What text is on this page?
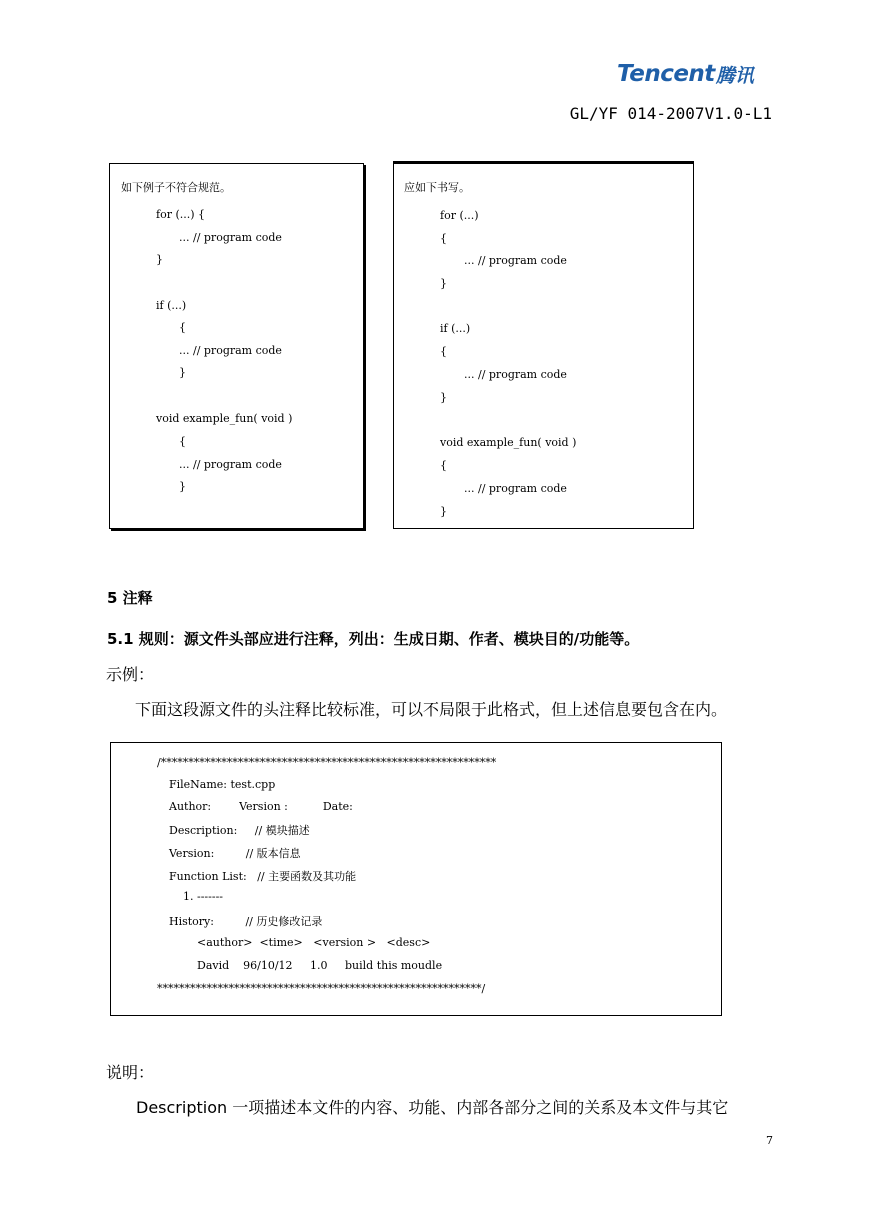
Tencent 腾讯
GL/YF 014-2007V1.0-L1
如下例子不符合规范。
for (...) {
... // program code
}
if (...)
{
... // program code
}
void example_fun( void )
{
... // program code
}
应如下书写。
for (...)
{
... // program code
}
if (...)
{
... // program code
}
void example_fun( void )
{
... // program code
}
5 注释
5.1 规则：源文件头部应进行注释，列出：生成日期、作者、模块目的/功能等。
示例：
下面这段源文件的头注释比较标准，可以不局限于此格式，但上述信息要包含在内。
/*************************************************************
FileName: test.cpp
Author:        Version :          Date:
Description:     // 模块描述
Version:         // 版本信息
Function List:   // 主要函数及其功能
1. -------
History:         // 历史修改记录
<author>  <time>   <version >   <desc>
David    96/10/12     1.0     build this moudle
***********************************************************/
说明：
Description 一项描述本文件的内容、功能、内部各部分之间的关系及本文件与其它
7
